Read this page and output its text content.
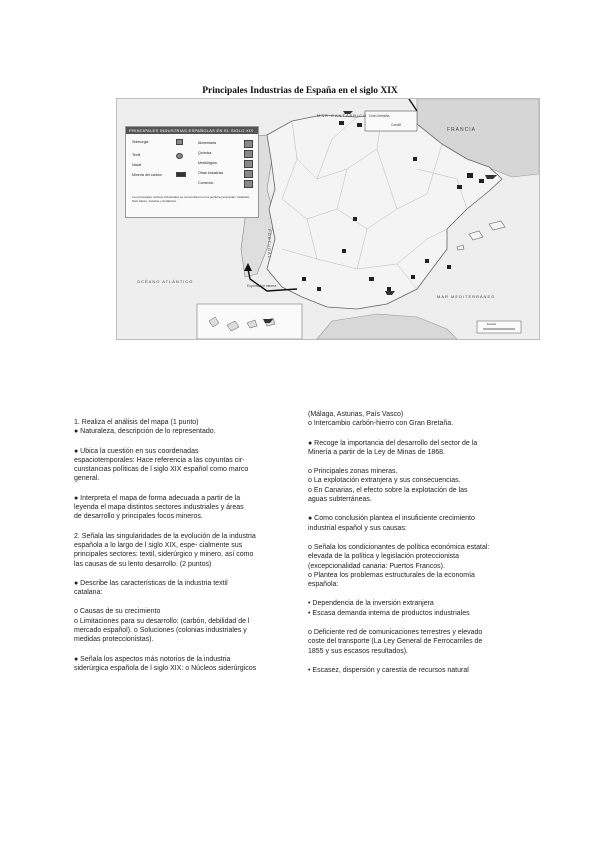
Principales Industrias de España en el siglo XIX
MAR CANTÁBRICO
FRANCIA
PORTUGAL
OCÉANO ATLÁNTICO
MAR MEDITERRÁNEO
Gran Bretaña
Cardiff
Exportación minera
Escala
PRINCIPALES INDUSTRIAS ESPAÑOLAS EN EL SIGLO XIX
Siderurgia
Textil
Naval
Minería del carbón
Alimentaria
Química
Metalúrgica
Otras industrias
Comercio
Los principales núcleos industriales se concentraron en la periferia peninsular: Cataluña, País Vasco, Asturias y Andalucía.

1. Realiza el análisis del mapa (1 punto)
● Naturaleza, descripción de lo representado.

● Ubica la cuestión en sus coordenadas
espaciotemporales: Hace referencia a las coyuntas cir-
cunstancias políticas de l siglo XIX español como marco
general.

● Interpreta el mapa de forma adecuada a partir de la
leyenda el mapa distintos sectores industriales y áreas
de desarrollo y principales focos mineros.

2. Señala las singularidades de la evolución de la industria
española a lo largo de l siglo XIX, espe- cialmente sus
principales sectores: textil, siderúrgico y minero, así como
las causas de su lento desarrollo. (2 puntos)

● Describe las características de la industria textil
catalana:

o Causas de su crecimiento
o Limitaciones para su desarrollo: (carbón, debilidad de l
mercado español). o Soluciones (colonias industriales y
medidas proteccionistas).

● Señala los aspectos más notorios de la industria
siderúrgica española de l siglo XIX: o Núcleos siderúrgicos

(Málaga, Asturias, País Vasco)
o Intercambio carbón-hierro con Gran Bretaña.

● Recoge la importancia del desarrollo del sector de la
Minería a partir de la Ley de Minas de 1868.

o Principales zonas mineras.
o La explotación extranjera y sus consecuencias.
o En Canarias, el efecto sobre la explotación de las
aguas subterráneas.

● Como conclusión plantea el insuficiente crecimiento
industrial español y sus causas:

o Señala los condicionantes de política económica estatal:
elevada de la política y legislación proteccionista
(excepcionalidad canaria: Puertos Francos).
o Plantea los problemas estructurales de la economía
española:

• Dependencia de la inversión extranjera
• Escasa demanda interna de productos industriales

o Deficiente red de comunicaciones terrestres y elevado
coste del transporte (La Ley General de Ferrocarriles de
1855 y sus escasos resultados).

• Escasez, dispersión y carestía de recursos natural
